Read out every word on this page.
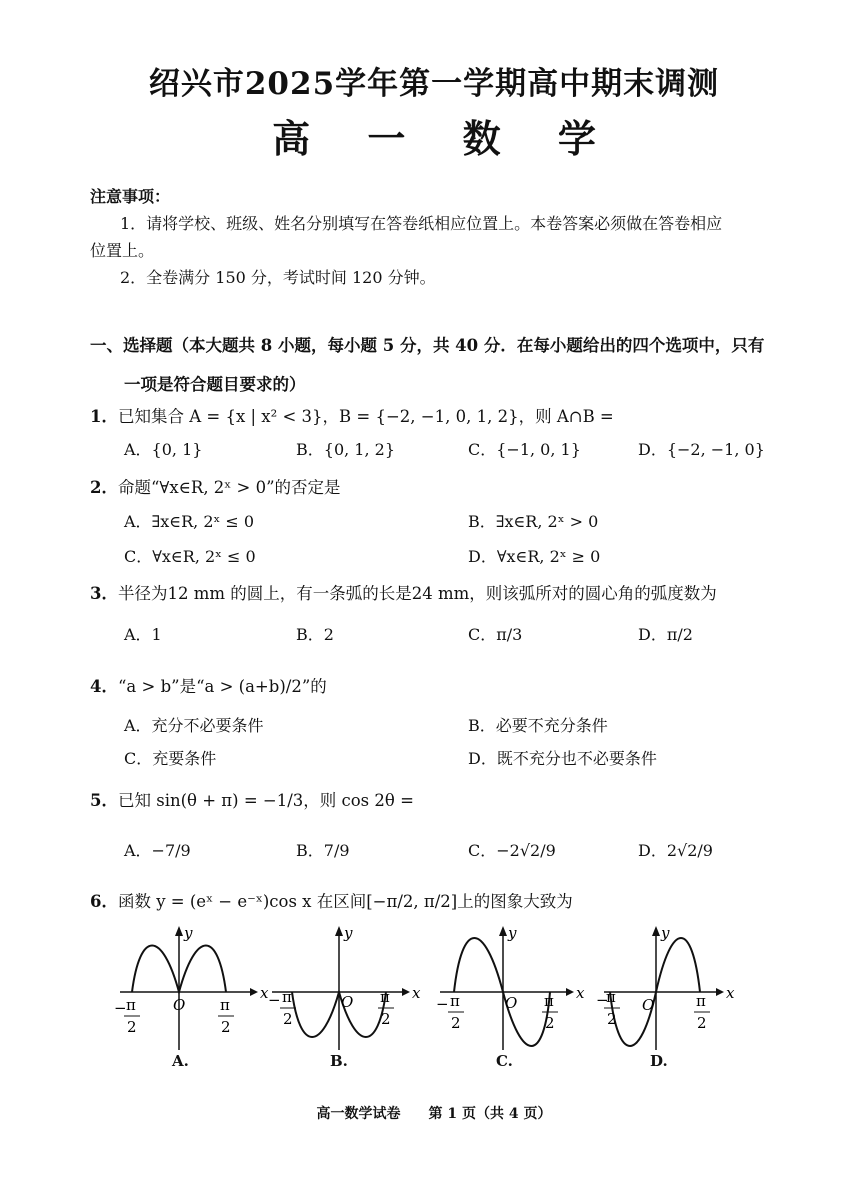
绍兴市2025学年第一学期高中期末调测
高 一 数 学
注意事项：
1．请将学校、班级、姓名分别填写在答卷纸相应位置上。本卷答案必须做在答卷相应
位置上。
2．全卷满分 150 分，考试时间 120 分钟。
一、选择题（本大题共 8 小题，每小题 5 分，共 40 分．在每小题给出的四个选项中，只有
一项是符合题目要求的）
1．已知集合 A = {x | x² < 3}，B = {−2, −1, 0, 1, 2}，则 A∩B =
A．{0, 1}	B．{0, 1, 2}	C．{−1, 0, 1}	D．{−2, −1, 0}
2．命题“∀x∈R, 2ˣ > 0”的否定是
A．∃x∈R, 2ˣ ≤ 0	B．∃x∈R, 2ˣ > 0
C．∀x∈R, 2ˣ ≤ 0	D．∀x∈R, 2ˣ ≥ 0
3．半径为12 mm 的圆上，有一条弧的长是24 mm，则该弧所对的圆心角的弧度数为
A．1	B．2	C．π/3	D．π/2
4．“a > b”是“a > (a+b)/2”的
A．充分不必要条件	B．必要不充分条件
C．充要条件	D．既不充分也不必要条件
5．已知 sin(θ + π) = −1/3，则 cos 2θ =
A．−7/9	B．7/9	C．−2√2/9	D．2√2/9
6．函数 y = (eˣ − e⁻ˣ)cos x 在区间[−π/2, π/2]上的图象大致为
y
x
O
− π
2
π
2
A.
y
x
O
− π
2
π
2
B.
y
x
O
− π
2
π
2
C.
y
x
O
−
π
2
π
2
D.
高一数学试卷　　第 1 页（共 4 页）
